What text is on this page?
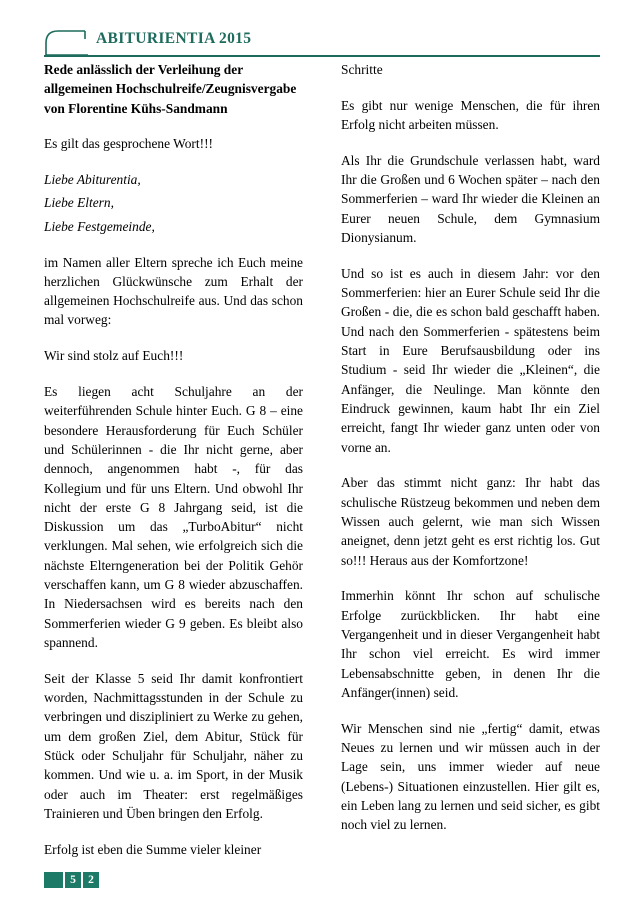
ABITURIENTIA 2015

Rede anlässlich der Verleihung der allgemeinen Hochschulreife/Zeugnisvergabe von Florentine Kühs-Sandmann

Es gilt das gesprochene Wort!!!

Liebe Abiturentia,

Liebe Eltern,

Liebe Festgemeinde,

im Namen aller Eltern spreche ich Euch meine herzlichen Glückwünsche zum Erhalt der allgemeinen Hochschulreife aus. Und das schon mal vorweg:

Wir sind stolz auf Euch!!!

Es liegen acht Schuljahre an der weiterführenden Schule hinter Euch. G 8 – eine besondere Herausforderung für Euch Schüler und Schülerinnen - die Ihr nicht gerne, aber dennoch, angenommen habt -, für das Kollegium und für uns Eltern. Und obwohl Ihr nicht der erste G 8 Jahrgang seid, ist die Diskussion um das „TurboAbitur“ nicht verklungen. Mal sehen, wie erfolgreich sich die nächste Elterngeneration bei der Politik Gehör verschaffen kann, um G 8 wieder abzuschaffen. In Niedersachsen wird es bereits nach den Sommerferien wieder G 9 geben. Es bleibt also spannend.

Seit der Klasse 5 seid Ihr damit konfrontiert worden, Nachmittagsstunden in der Schule zu verbringen und diszipliniert zu Werke zu gehen, um dem großen Ziel, dem Abitur, Stück für Stück oder Schuljahr für Schuljahr, näher zu kommen. Und wie u. a. im Sport, in der Musik oder auch im Theater: erst regelmäßiges Trainieren und Üben bringen den Erfolg.

Erfolg ist eben die Summe vieler kleiner

Schritte

Es gibt nur wenige Menschen, die für ihren Erfolg nicht arbeiten müssen.

Als Ihr die Grundschule verlassen habt, ward Ihr die Großen und 6 Wochen später – nach den Sommerferien – ward Ihr wieder die Kleinen an Eurer neuen Schule, dem Gymnasium Dionysianum.

Und so ist es auch in diesem Jahr: vor den Sommerferien: hier an Eurer Schule seid Ihr die Großen - die, die es schon bald geschafft haben. Und nach den Sommerferien - spätestens beim Start in Eure Berufsausbildung oder ins Studium - seid Ihr wieder die „Kleinen“, die Anfänger, die Neulinge. Man könnte den Eindruck gewinnen, kaum habt Ihr ein Ziel erreicht, fangt Ihr wieder ganz unten oder von vorne an.

Aber das stimmt nicht ganz: Ihr habt das schulische Rüstzeug bekommen und neben dem Wissen auch gelernt, wie man sich Wissen aneignet, denn jetzt geht es erst richtig los. Gut so!!! Heraus aus der Komfortzone!

Immerhin könnt Ihr schon auf schulische Erfolge zurückblicken. Ihr habt eine Vergangenheit und in dieser Vergangenheit habt Ihr schon viel erreicht. Es wird immer Lebensabschnitte geben, in denen Ihr die Anfänger(innen) seid.

Wir Menschen sind nie „fertig“ damit, etwas Neues zu lernen und wir müssen auch in der Lage sein, uns immer wieder auf neue (Lebens-) Situationen einzustellen. Hier gilt es, ein Leben lang zu lernen und seid sicher, es gibt noch viel zu lernen.

5	2
